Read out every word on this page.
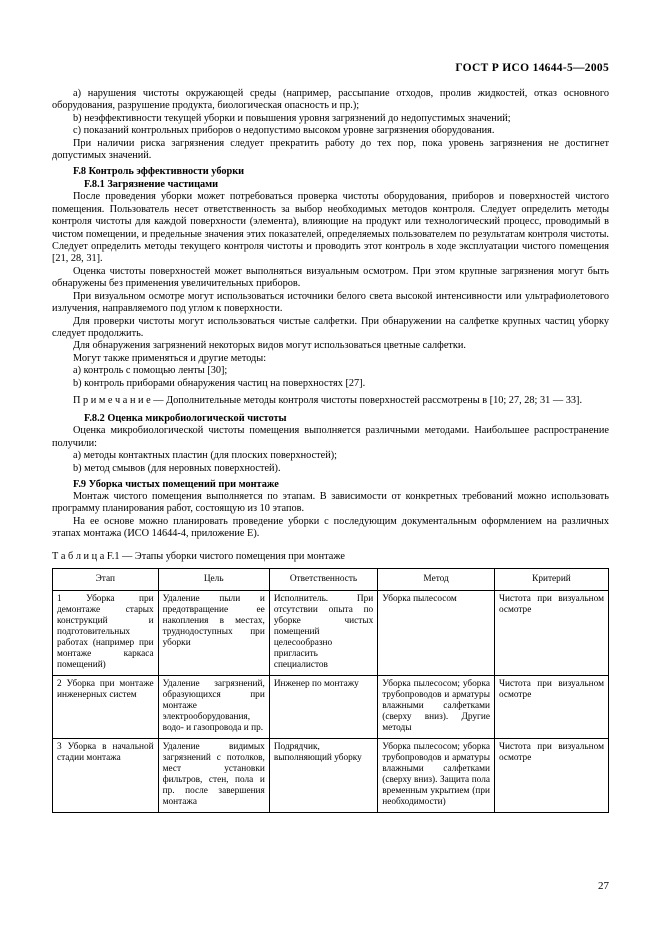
ГОСТ Р ИСО 14644-5—2005

a) нарушения чистоты окружающей среды (например, рассыпание отходов, пролив жидкостей, отказ основного оборудования, разрушение продукта, биологическая опасность и пр.);

b) неэффективности текущей уборки и повышения уровня загрязнений до недопустимых значений;

c) показаний контрольных приборов о недопустимо высоком уровне загрязнения оборудования.

При наличии риска загрязнения следует прекратить работу до тех пор, пока уровень загрязнения не достигнет допустимых значений.

F.8 Контроль эффективности уборки

F.8.1 Загрязнение частицами

После проведения уборки может потребоваться проверка чистоты оборудования, приборов и поверхностей чистого помещения. Пользователь несет ответственность за выбор необходимых методов контроля. Следует определить методы контроля чистоты для каждой поверхности (элемента), влияющие на продукт или технологический процесс, проводимый в чистом помещении, и предельные значения этих показателей, определяемых пользователем по результатам контроля чистоты. Следует определить методы текущего контроля чистоты и проводить этот контроль в ходе эксплуатации чистого помещения [21, 28, 31].

Оценка чистоты поверхностей может выполняться визуальным осмотром. При этом крупные загрязнения могут быть обнаружены без применения увеличительных приборов.

При визуальном осмотре могут использоваться источники белого света высокой интенсивности или ультрафиолетового излучения, направляемого под углом к поверхности.

Для проверки чистоты могут использоваться чистые салфетки. При обнаружении на салфетке крупных частиц уборку следует продолжить.

Для обнаружения загрязнений некоторых видов могут использоваться цветные салфетки.

Могут также применяться и другие методы:

a) контроль с помощью ленты [30];

b) контроль приборами обнаружения частиц на поверхностях [27].

П р и м е ч а н и е — Дополнительные методы контроля чистоты поверхностей рассмотрены в [10; 27, 28; 31 — 33].

F.8.2 Оценка микробиологической чистоты

Оценка микробиологической чистоты помещения выполняется различными методами. Наибольшее распространение получили:

a) методы контактных пластин (для плоских поверхностей);

b) метод смывов (для неровных поверхностей).

F.9 Уборка чистых помещений при монтаже

Монтаж чистого помещения выполняется по этапам. В зависимости от конкретных требований можно использовать программу планирования работ, состоящую из 10 этапов.

На ее основе можно планировать проведение уборки с последующим документальным оформлением на различных этапах монтажа (ИСО 14644-4, приложение Е).

Т а б л и ц а F.1 — Этапы уборки чистого помещения при монтаже
Этап	Цель	Ответственность	Метод	Критерий
1 Уборка при демонтаже старых конструкций и подготовительных работах (например при монтаже каркаса помещений)	Удаление пыли и предотвращение ее накопления в местах, труднодоступных при уборки	Исполнитель. При отсутствии опыта по уборке чистых помещений целесообразно пригласить специалистов	Уборка пылесосом	Чистота при визуальном осмотре
2 Уборка при монтаже инженерных систем	Удаление загрязнений, образующихся при монтаже электрооборудования, водо- и газопровода и пр.	Инженер по монтажу	Уборка пылесосом; уборка трубопроводов и арматуры влажными салфетками (сверху вниз). Другие методы	Чистота при визуальном осмотре
3 Уборка в начальной стадии монтажа	Удаление видимых загрязнений с потолков, мест установки фильтров, стен, пола и пр. после завершения монтажа	Подрядчик, выполняющий уборку	Уборка пылесосом; уборка трубопроводов и арматуры влажными салфетками (сверху вниз). Защита пола временным укрытием (при необходимости)	Чистота при визуальном осмотре
27
